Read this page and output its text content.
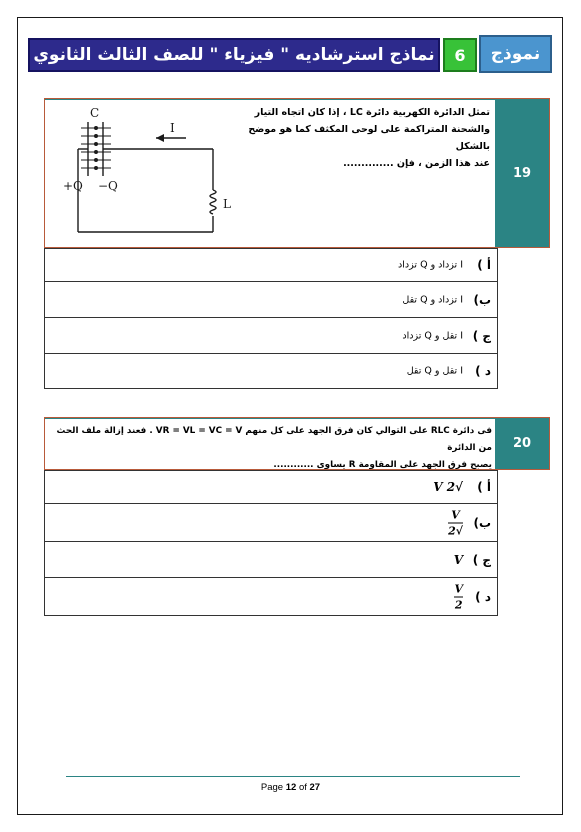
نماذج استرشاديه " فيزياء " للصف الثالث الثانوي 6 نموذج
19
تمثل الدائرة الكهربية دائرة LC ، إذا كان اتجاه التيار
والشحنة المتراكمة على لوحى المكثف كما هو موضح بالشكل
عند هذا الزمن ، فإن ..............
C
I
L
+Q −Q
أ )
I تزداد و Q تزداد
ب)
I تزداد و Q تقل
ج )
I تقل و Q تزداد
د )
I تقل و Q تقل
20
فى دائرة RLC على التوالي كان فرق الجهد على كل منهم VR = VL = VC = V . فعند إزالة ملف الحث من الدائرة
يصبح فرق الجهد على المقاومة R يساوى ............
أ )
√2 V
ب)
V
√2
ج )
V
د )
V
2
Page 12 of 27
